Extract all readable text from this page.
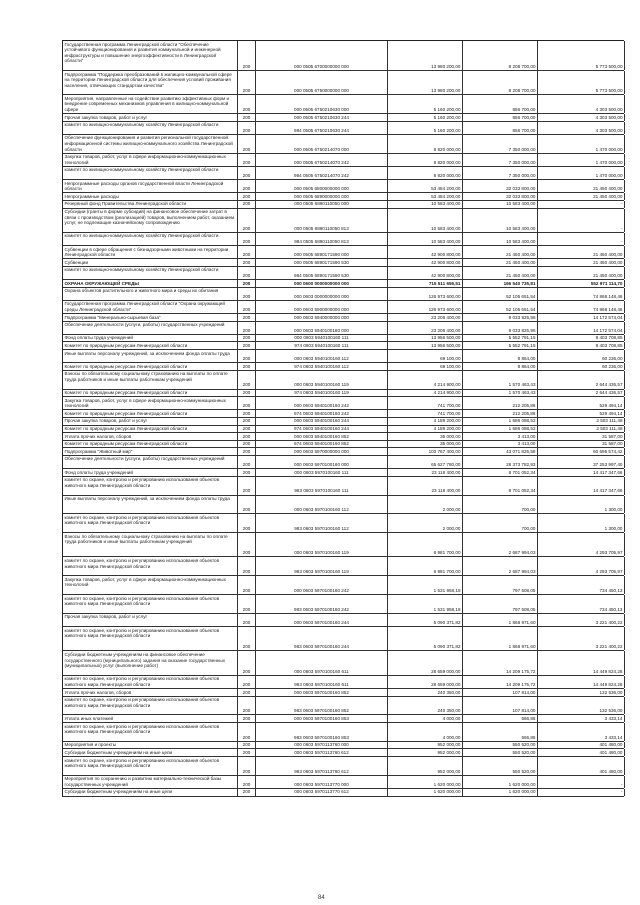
Государственная программа Ленинградской области "Обеспечение устойчивого функционирования и развития коммунальной и инженерной инфраструктуры и повышение энергоэффективности в Ленинградской области"
200	000 0505 6700000000 000	13 980 200,00	8 208 700,00	5 773 500,00
Подпрограмма "Поддержка преобразований в жилищно-коммунальной сфере на территории Ленинградской области для обеспечения условий проживания населения, отвечающих стандартам качества"
200	000 0505 6750000000 000	13 980 200,00	8 208 700,00	5 773 500,00
Мероприятия, направленные на содействие развитию эффективных форм и внедрение современных механизмов управления в жилищно-коммунальной сфере	200	000 0505 6750210630 000	5 160 200,00	856 700,00	4 303 500,00
Прочая закупка товаров, работ и услуг	200	000 0505 6750210630 244	5 160 200,00	856 700,00	4 303 500,00
комитет по жилищно-коммунальному хозяйству Ленинградской области
200	984 0505 6750210630 244	5 160 200,00	856 700,00	4 303 500,00
Обеспечение функционирования и развития региональной государственной информационной системы жилищно-коммунального хозяйства Ленинградской области	200	000 0505 6750214070 000	8 820 000,00	7 350 000,00	1 470 000,00
Закупка товаров, работ, услуг в сфере информационно-коммуникационных технологий	200	000 0505 6750214070 242	8 820 000,00	7 350 000,00	1 470 000,00
комитет по жилищно-коммунальному хозяйству Ленинградской области
200	984 0505 6750214070 242	8 820 000,00	7 350 000,00	1 470 000,00
Непрограммные расходы органов государственной власти Ленинградской области	200	000 0505 6800000000 000	53 484 200,00	32 033 800,00	21 450 400,00
Непрограммные расходы	200	000 0505 6890000000 000	53 484 200,00	32 033 800,00	21 450 400,00
Резервный фонд Правительства Ленинградской области	200	000 0505 6890110050 000	10 583 400,00	10 583 400,00	-
Субсидии (гранты в форме субсидий) на финансовое обеспечение затрат в связи с производством (реализацией) товаров, выполнением работ, оказанием услуг, не подлежащие казначейскому сопровождению
200	000 0505 6890110050 813	10 583 400,00	10 583 400,00	-
комитет по жилищно-коммунальному хозяйству Ленинградской области
200	984 0505 6890110050 813	10 583 400,00	10 583 400,00	-
Субвенции в сфере обращения с безнадзорными животными на территории Ленинградской области	200	000 0505 6890171590 000	42 900 800,00	21 450 400,00	21 450 400,00
Субвенции	200	000 0505 6890171590 530	42 900 800,00	21 450 400,00	21 450 400,00
комитет по жилищно-коммунальному хозяйству Ленинградской области
200	984 0505 6890171590 530	42 900 800,00	21 450 400,00	21 450 400,00
ОХРАНА ОКРУЖАЮЩЕЙ СРЕДЫ	200	000 0600 0000000000 000	715 511 656,51	166 540 735,81	552 971 114,70
Охрана объектов растительного и животного мира и среды их обитания
200	000 0603 0000000000 000	126 973 600,00	52 105 651,54	74 868 148,46
Государственная программа Ленинградской области "Охрана окружающей среды Ленинградской области"	200	000 0603 5900000000 000	126 973 600,00	52 105 651,54	74 868 148,46
Подпрограмма "Минерально-сырьевая база"	200	000 0603 5940000000 000	23 206 400,00	9 033 825,96	14 172 574,04
Обеспечение деятельности (услуги, работы) государственных учреждений
200	000 0603 5940100160 000	23 206 400,00	9 033 825,96	14 172 574,04
Фонд оплаты труда учреждений	200	000 0603 5940100160 111	13 956 500,00	5 552 791,15	8 403 708,85
Комитет по природным ресурсам Ленинградской области	200	974 0603 5940100160 111	13 956 500,00	5 552 791,15	8 403 708,85
Иные выплаты персоналу учреждений, за исключением фонда оплаты труда
200	000 0603 5940100160 112	69 100,00	8 864,00	60 236,00
Комитет по природным ресурсам Ленинградской области	200	974 0603 5940100160 112	69 100,00	8 864,00	60 236,00
Взносы по обязательному социальному страхованию на выплаты по оплате труда работников и иные выплаты работникам учреждений
200	000 0603 5940100160 119	4 214 900,00	1 570 463,43	2 644 436,57
Комитет по природным ресурсам Ленинградской области	200	974 0603 5940100160 119	4 214 900,00	1 570 463,43	2 644 436,57
Закупка товаров, работ, услуг в сфере информационно-коммуникационных технологий	200	000 0603 5940100160 242	741 700,00	212 205,86	529 494,14
Комитет по природным ресурсам Ленинградской области	200	974 0603 5940100160 242	741 700,00	212 205,86	529 494,14
Прочая закупка товаров, работ и услуг	200	000 0603 5940100160 244	4 189 200,00	1 686 088,52	2 503 111,48
Комитет по природным ресурсам Ленинградской области	200	974 0603 5940100160 244	4 189 200,00	1 686 088,52	2 503 111,48
Уплата прочих налогов, сборов	200	000 0603 5940100160 852	35 000,00	3 413,00	31 587,00
Комитет по природным ресурсам Ленинградской области	200	974 0603 5940100160 852	35 000,00	3 413,00	31 587,00
Подпрограмма "Животный мир"	200	000 0603 5970000000 000	103 767 400,00	43 071 825,58	60 695 574,42
Обеспечение деятельности (услуги, работы) государственных учреждений
200	000 0603 5970100160 000	65 627 780,00	28 373 782,93	37 253 997,40
Фонд оплаты труда учреждений	200	000 0603 5970100160 111	23 118 400,00	8 701 052,34	14 417 347,66
комитет по охране, контролю и регулированию использования объектов животного мира Ленинградской области
200	983 0603 5970100160 111	23 118 400,00	8 701 052,34	14 417 347,66
Иные выплаты персоналу учреждений, за исключением фонда оплаты труда
200	000 0603 5970100160 112	2 000,00	700,00	1 300,00
комитет по охране, контролю и регулированию использования объектов животного мира Ленинградской области
200	983 0603 5970100160 112	2 000,00	700,00	1 300,00
Взносы по обязательному социальному страхованию на выплаты по оплате труда работников и иные выплаты работникам учреждений
200	000 0603 5970100160 119	6 981 700,00	2 687 994,03	4 293 705,97
комитет по охране, контролю и регулированию использования объектов животного мира Ленинградской области
200	983 0603 5970100160 119	6 981 700,00	2 687 994,03	4 293 705,97
Закупка товаров, работ, услуг в сфере информационно-коммуникационных технологий
200	000 0603 5970100160 242	1 531 958,18	797 508,05	734 450,13
комитет по охране, контролю и регулированию использования объектов животного мира Ленинградской области
200	983 0603 5970100160 242	1 531 958,18	797 508,05	734 450,13
Прочая закупка товаров, работ и услуг
200	000 0603 5970100160 244	5 090 371,82	1 868 971,60	3 221 400,22
комитет по охране, контролю и регулированию использования объектов животного мира Ленинградской области
200	983 0603 5970100160 244	5 090 371,82	1 868 971,60	3 221 400,22
Субсидии бюджетным учреждениям на финансовое обеспечение государственного (муниципального) задания на оказание государственных (муниципальных) услуг (выполнение работ)
200	000 0603 5970100160 611	28 659 000,00	14 209 175,72	14 449 824,28
комитет по охране, контролю и регулированию использования объектов животного мира Ленинградской области	200	983 0603 5970100160 611	28 659 000,00	14 209 175,72	14 449 824,28
Уплата прочих налогов, сборов	200	000 0603 5970100160 852	240 350,00	107 814,00	132 536,00
комитет по охране, контролю и регулированию использования объектов животного мира Ленинградской области
200	983 0603 5970100160 852	240 350,00	107 814,00	132 536,00
Уплата иных платежей	200	000 0603 5970100160 853	4 000,00	566,86	3 433,14
комитет по охране, контролю и регулированию использования объектов животного мира Ленинградской области
200	983 0603 5970100160 853	4 000,00	566,86	3 433,14
Мероприятия и проекты	200	000 0603 5970113760 000	952 000,00	550 520,00	401 480,00
Субсидии бюджетным учреждениям на иные цели	200	000 0603 5970113760 612	952 000,00	550 520,00	401 480,00
комитет по охране, контролю и регулированию использования объектов животного мира Ленинградской области
200	983 0603 5970113760 612	952 000,00	550 520,00	401 480,00
Мероприятия по сохранению и развитию материально-технической базы государственных учреждений	200	000 0603 5970113770 000	1 620 000,00	1 620 000,00	-
Субсидии бюджетным учреждениям на иные цели	200	000 0603 5970113770 612	1 620 000,00	1 620 000,00	-
84
